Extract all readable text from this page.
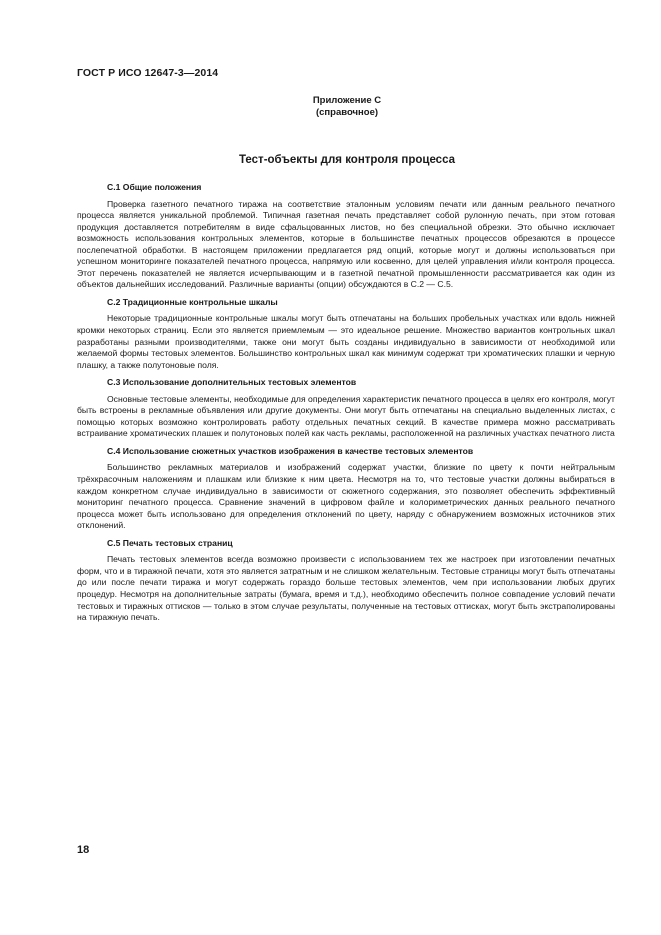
ГОСТ Р ИСО 12647-3—2014
Приложение С
(справочное)
Тест-объекты для контроля процесса
С.1 Общие положения

Проверка газетного печатного тиража на соответствие эталонным условиям печати или данным реального печатного процесса является уникальной проблемой. Типичная газетная печать представляет собой рулонную печать, при этом готовая продукция доставляется потребителям в виде сфальцованных листов, но без специальной обрезки. Это обычно исключает возможность использования контрольных элементов, которые в большинстве печатных процессов обрезаются в процессе послепечатной обработки. В настоящем приложении предлагается ряд опций, которые могут и должны использоваться при успешном мониторинге показателей печатного процесса, напрямую или косвенно, для целей управления и/или контроля процесса. Этот перечень показателей не является исчерпывающим и в газетной печатной промышленности рассматривается как один из объектов дальнейших исследований. Различные варианты (опции) обсуждаются в С.2 — С.5.

С.2 Традиционные контрольные шкалы

Некоторые традиционные контрольные шкалы могут быть отпечатаны на больших пробельных участках или вдоль нижней кромки некоторых страниц. Если это является приемлемым — это идеальное решение. Множество вариантов контрольных шкал разработаны разными производителями, также они могут быть созданы индивидуально в зависимости от необходимой или желаемой формы тестовых элементов. Большинство контрольных шкал как минимум содержат три хроматических плашки и черную плашку, а также полутоновые поля.

С.3 Использование дополнительных тестовых элементов

Основные тестовые элементы, необходимые для определения характеристик печатного процесса в целях его контроля, могут быть встроены в рекламные объявления или другие документы. Они могут быть отпечатаны на специально выделенных листах, с помощью которых возможно контролировать работу отдельных печатных секций. В качестве примера можно рассматривать встраивание хроматических плашек и полутоновых полей как часть рекламы, расположенной на различных участках печатного листа

С.4 Использование сюжетных участков изображения в качестве тестовых элементов

Большинство рекламных материалов и изображений содержат участки, близкие по цвету к почти нейтральным трёхкрасочным наложениям и плашкам или близкие к ним цвета. Несмотря на то, что тестовые участки должны выбираться в каждом конкретном случае индивидуально в зависимости от сюжетного содержания, это позволяет обеспечить эффективный мониторинг печатного процесса. Сравнение значений в цифровом файле и колориметрических данных реального печатного процесса может быть использовано для определения отклонений по цвету, наряду с обнаружением возможных источников этих отклонений.

С.5 Печать тестовых страниц

Печать тестовых элементов всегда возможно произвести с использованием тех же настроек при изготовлении печатных форм, что и в тиражной печати, хотя это является затратным и не слишком желательным. Тестовые страницы могут быть отпечатаны до или после печати тиража и могут содержать гораздо больше тестовых элементов, чем при использовании любых других процедур. Несмотря на дополнительные затраты (бумага, время и т.д.), необходимо обеспечить полное совпадение условий печати тестовых и тиражных оттисков — только в этом случае результаты, полученные на тестовых оттисках, могут быть экстраполированы на тиражную печать.

18
